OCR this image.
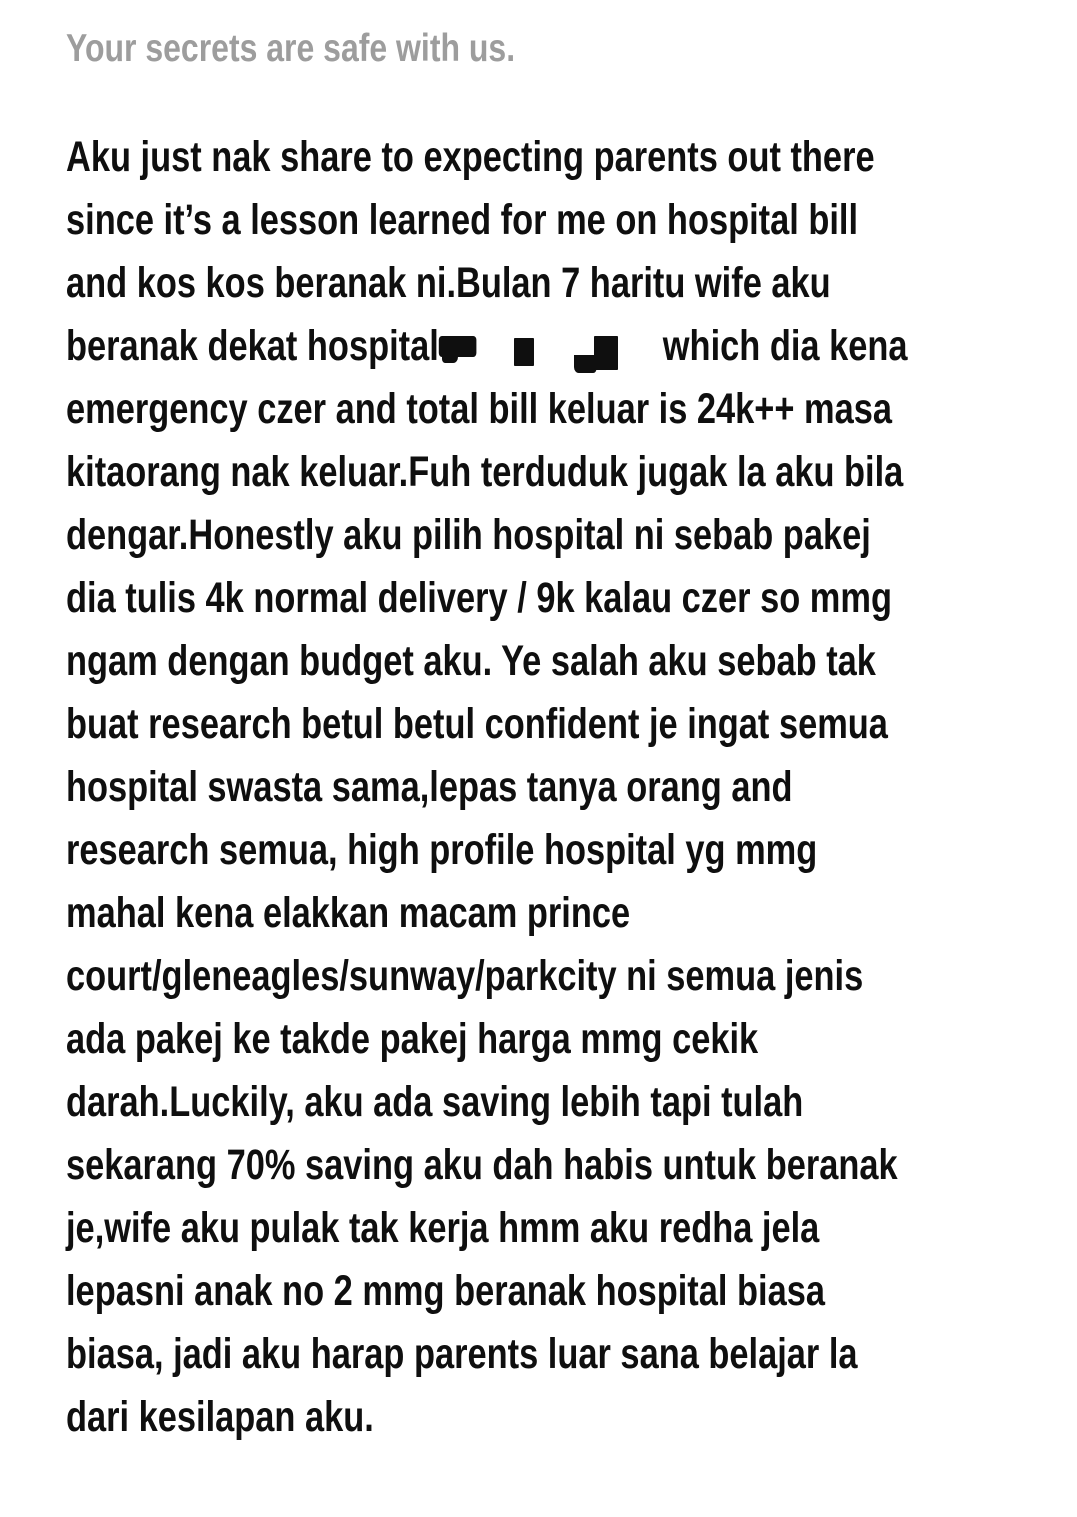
Your secrets are safe with us.
Aku just nak share to expecting parents out there
since it’s a lesson learned for me on hospital bill
and kos kos beranak ni.Bulan 7 haritu wife aku
beranak dekat hospital	which dia kena
emergency czer and total bill keluar is 24k++ masa
kitaorang nak keluar.Fuh terduduk jugak la aku bila
dengar.Honestly aku pilih hospital ni sebab pakej
dia tulis 4k normal delivery / 9k kalau czer so mmg
ngam dengan budget aku. Ye salah aku sebab tak
buat research betul betul confident je ingat semua
hospital swasta sama,lepas tanya orang and
research semua, high profile hospital yg mmg
mahal kena elakkan macam prince
court/gleneagles/sunway/parkcity ni semua jenis
ada pakej ke takde pakej harga mmg cekik
darah.Luckily, aku ada saving lebih tapi tulah
sekarang 70% saving aku dah habis untuk beranak
je,wife aku pulak tak kerja hmm aku redha jela
lepasni anak no 2 mmg beranak hospital biasa
biasa, jadi aku harap parents luar sana belajar la
dari kesilapan aku.
